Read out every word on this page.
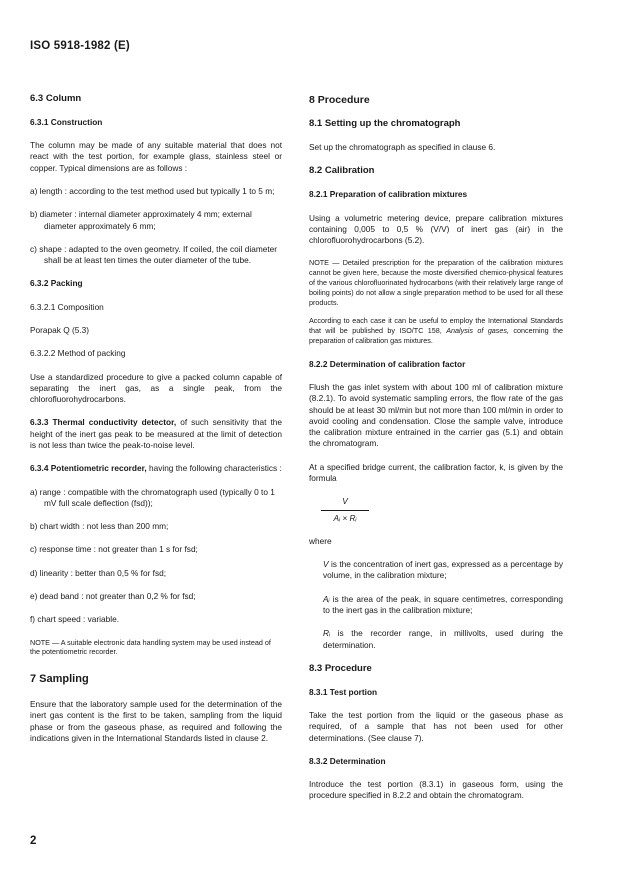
ISO 5918-1982 (E)
6.3 Column
6.3.1 Construction
The column may be made of any suitable material that does not react with the test portion, for example glass, stainless steel or copper. Typical dimensions are as follows :
a) length : according to the test method used but typically 1 to 5 m;
b) diameter : internal diameter approximately 4 mm; external diameter approximately 6 mm;
c) shape : adapted to the oven geometry. If coiled, the coil diameter shall be at least ten times the outer diameter of the tube.
6.3.2 Packing
6.3.2.1 Composition
Porapak Q (5.3)
6.3.2.2 Method of packing
Use a standardized procedure to give a packed column capable of separating the inert gas, as a single peak, from the chlorofluorohydrocarbons.
6.3.3 Thermal conductivity detector, of such sensitivity that the height of the inert gas peak to be measured at the limit of detection is not less than twice the peak-to-noise level.
6.3.4 Potentiometric recorder, having the following characteristics :
a) range : compatible with the chromatograph used (typically 0 to 1 mV full scale deflection (fsd));
b) chart width : not less than 200 mm;
c) response time : not greater than 1 s for fsd;
d) linearity : better than 0,5 % for fsd;
e) dead band : not greater than 0,2 % for fsd;
f) chart speed : variable.
NOTE — A suitable electronic data handling system may be used instead of the potentiometric recorder.
7 Sampling
Ensure that the laboratory sample used for the determination of the inert gas content is the first to be taken, sampling from the liquid phase or from the gaseous phase, as required and following the indications given in the International Standards listed in clause 2.
8 Procedure
8.1 Setting up the chromatograph
Set up the chromatograph as specified in clause 6.
8.2 Calibration
8.2.1 Preparation of calibration mixtures
Using a volumetric metering device, prepare calibration mixtures containing 0,005 to 0,5 % (V/V) of inert gas (air) in the chlorofluorohydrocarbons (5.2).
NOTE — Detailed prescription for the preparation of the calibration mixtures cannot be given here, because the moste diversified chemico-physical features of the various chlorofluorinated hydrocarbons (with their relatively large range of boiling points) do not allow a single preparation method to be used for all these products.
According to each case it can be useful to employ the International Standards that will be published by ISO/TC 158, Analysis of gases, concerning the preparation of calibration gas mixtures.
8.2.2 Determination of calibration factor
Flush the gas inlet system with about 100 ml of calibration mixture (8.2.1). To avoid systematic sampling errors, the flow rate of the gas should be at least 30 ml/min but not more than 100 ml/min in order to avoid cooling and condensation. Close the sample valve, introduce the calibration mixture entrained in the carrier gas (5.1) and obtain the chromatogram.
At a specified bridge current, the calibration factor, k, is given by the formula
V
Aᵢ × Rᵢ
where
V is the concentration of inert gas, expressed as a percentage by volume, in the calibration mixture;
Aᵢ is the area of the peak, in square centimetres, corresponding to the inert gas in the calibration mixture;
Rᵢ is the recorder range, in millivolts, used during the determination.
8.3 Procedure
8.3.1 Test portion
Take the test portion from the liquid or the gaseous phase as required, of a sample that has not been used for other determinations. (See clause 7).
8.3.2 Determination
Introduce the test portion (8.3.1) in gaseous form, using the procedure specified in 8.2.2 and obtain the chromatogram.
2
